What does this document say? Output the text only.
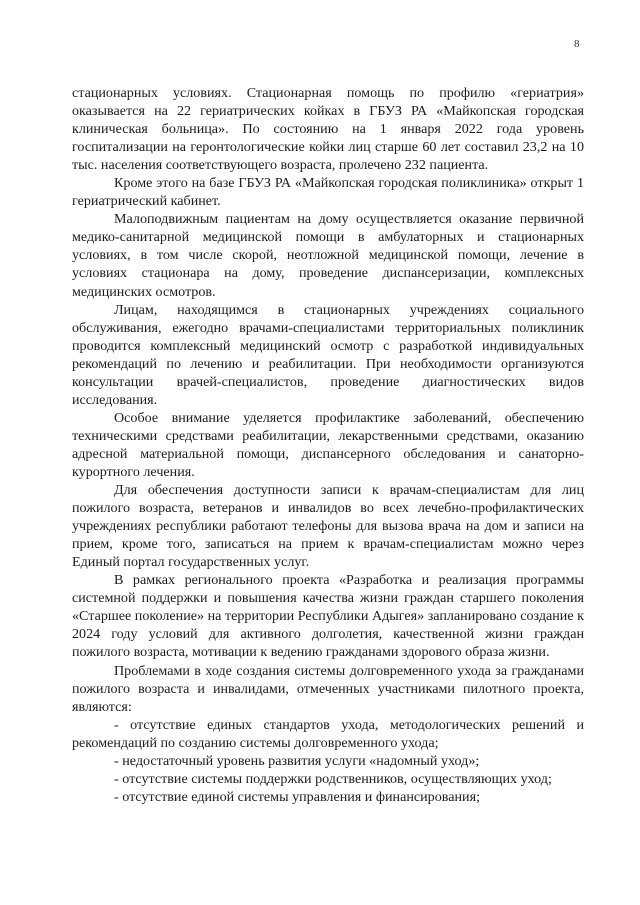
8

стационарных условиях. Стационарная помощь по профилю «гериатрия» оказывается на 22 гериатрических койках в ГБУЗ РА «Майкопская городская клиническая больница». По состоянию на 1 января 2022 года уровень госпитализации на геронтологические койки лиц старше 60 лет составил 23,2 на 10 тыс. населения соответствующего возраста, пролечено 232 пациента.

Кроме этого на базе ГБУЗ РА «Майкопская городская поликлиника» открыт 1 гериатрический кабинет.

Малоподвижным пациентам на дому осуществляется оказание первичной медико-санитарной медицинской помощи в амбулаторных и стационарных условиях, в том числе скорой, неотложной медицинской помощи, лечение в условиях стационара на дому, проведение диспансеризации, комплексных медицинских осмотров.

Лицам, находящимся в стационарных учреждениях социального обслуживания, ежегодно врачами-специалистами территориальных поликлиник проводится комплексный медицинский осмотр с разработкой индивидуальных рекомендаций по лечению и реабилитации. При необходимости организуются консультации врачей-специалистов, проведение диагностических видов исследования.

Особое внимание уделяется профилактике заболеваний, обеспечению техническими средствами реабилитации, лекарственными средствами, оказанию адресной материальной помощи, диспансерного обследования и санаторно-курортного лечения.

Для обеспечения доступности записи к врачам-специалистам для лиц пожилого возраста, ветеранов и инвалидов во всех лечебно-профилактических учреждениях республики работают телефоны для вызова врача на дом и записи на прием, кроме того, записаться на прием к врачам-специалистам можно через Единый портал государственных услуг.

В рамках регионального проекта «Разработка и реализация программы системной поддержки и повышения качества жизни граждан старшего поколения «Старшее поколение» на территории Республики Адыгея» запланировано создание к 2024 году условий для активного долголетия, качественной жизни граждан пожилого возраста, мотивации к ведению гражданами здорового образа жизни.

Проблемами в ходе создания системы долговременного ухода за гражданами пожилого возраста и инвалидами, отмеченных участниками пилотного проекта, являются:

- отсутствие единых стандартов ухода, методологических решений и рекомендаций по созданию системы долговременного ухода;

- недостаточный уровень развития услуги «надомный уход»;

- отсутствие системы поддержки родственников, осуществляющих уход;

- отсутствие единой системы управления и финансирования;
